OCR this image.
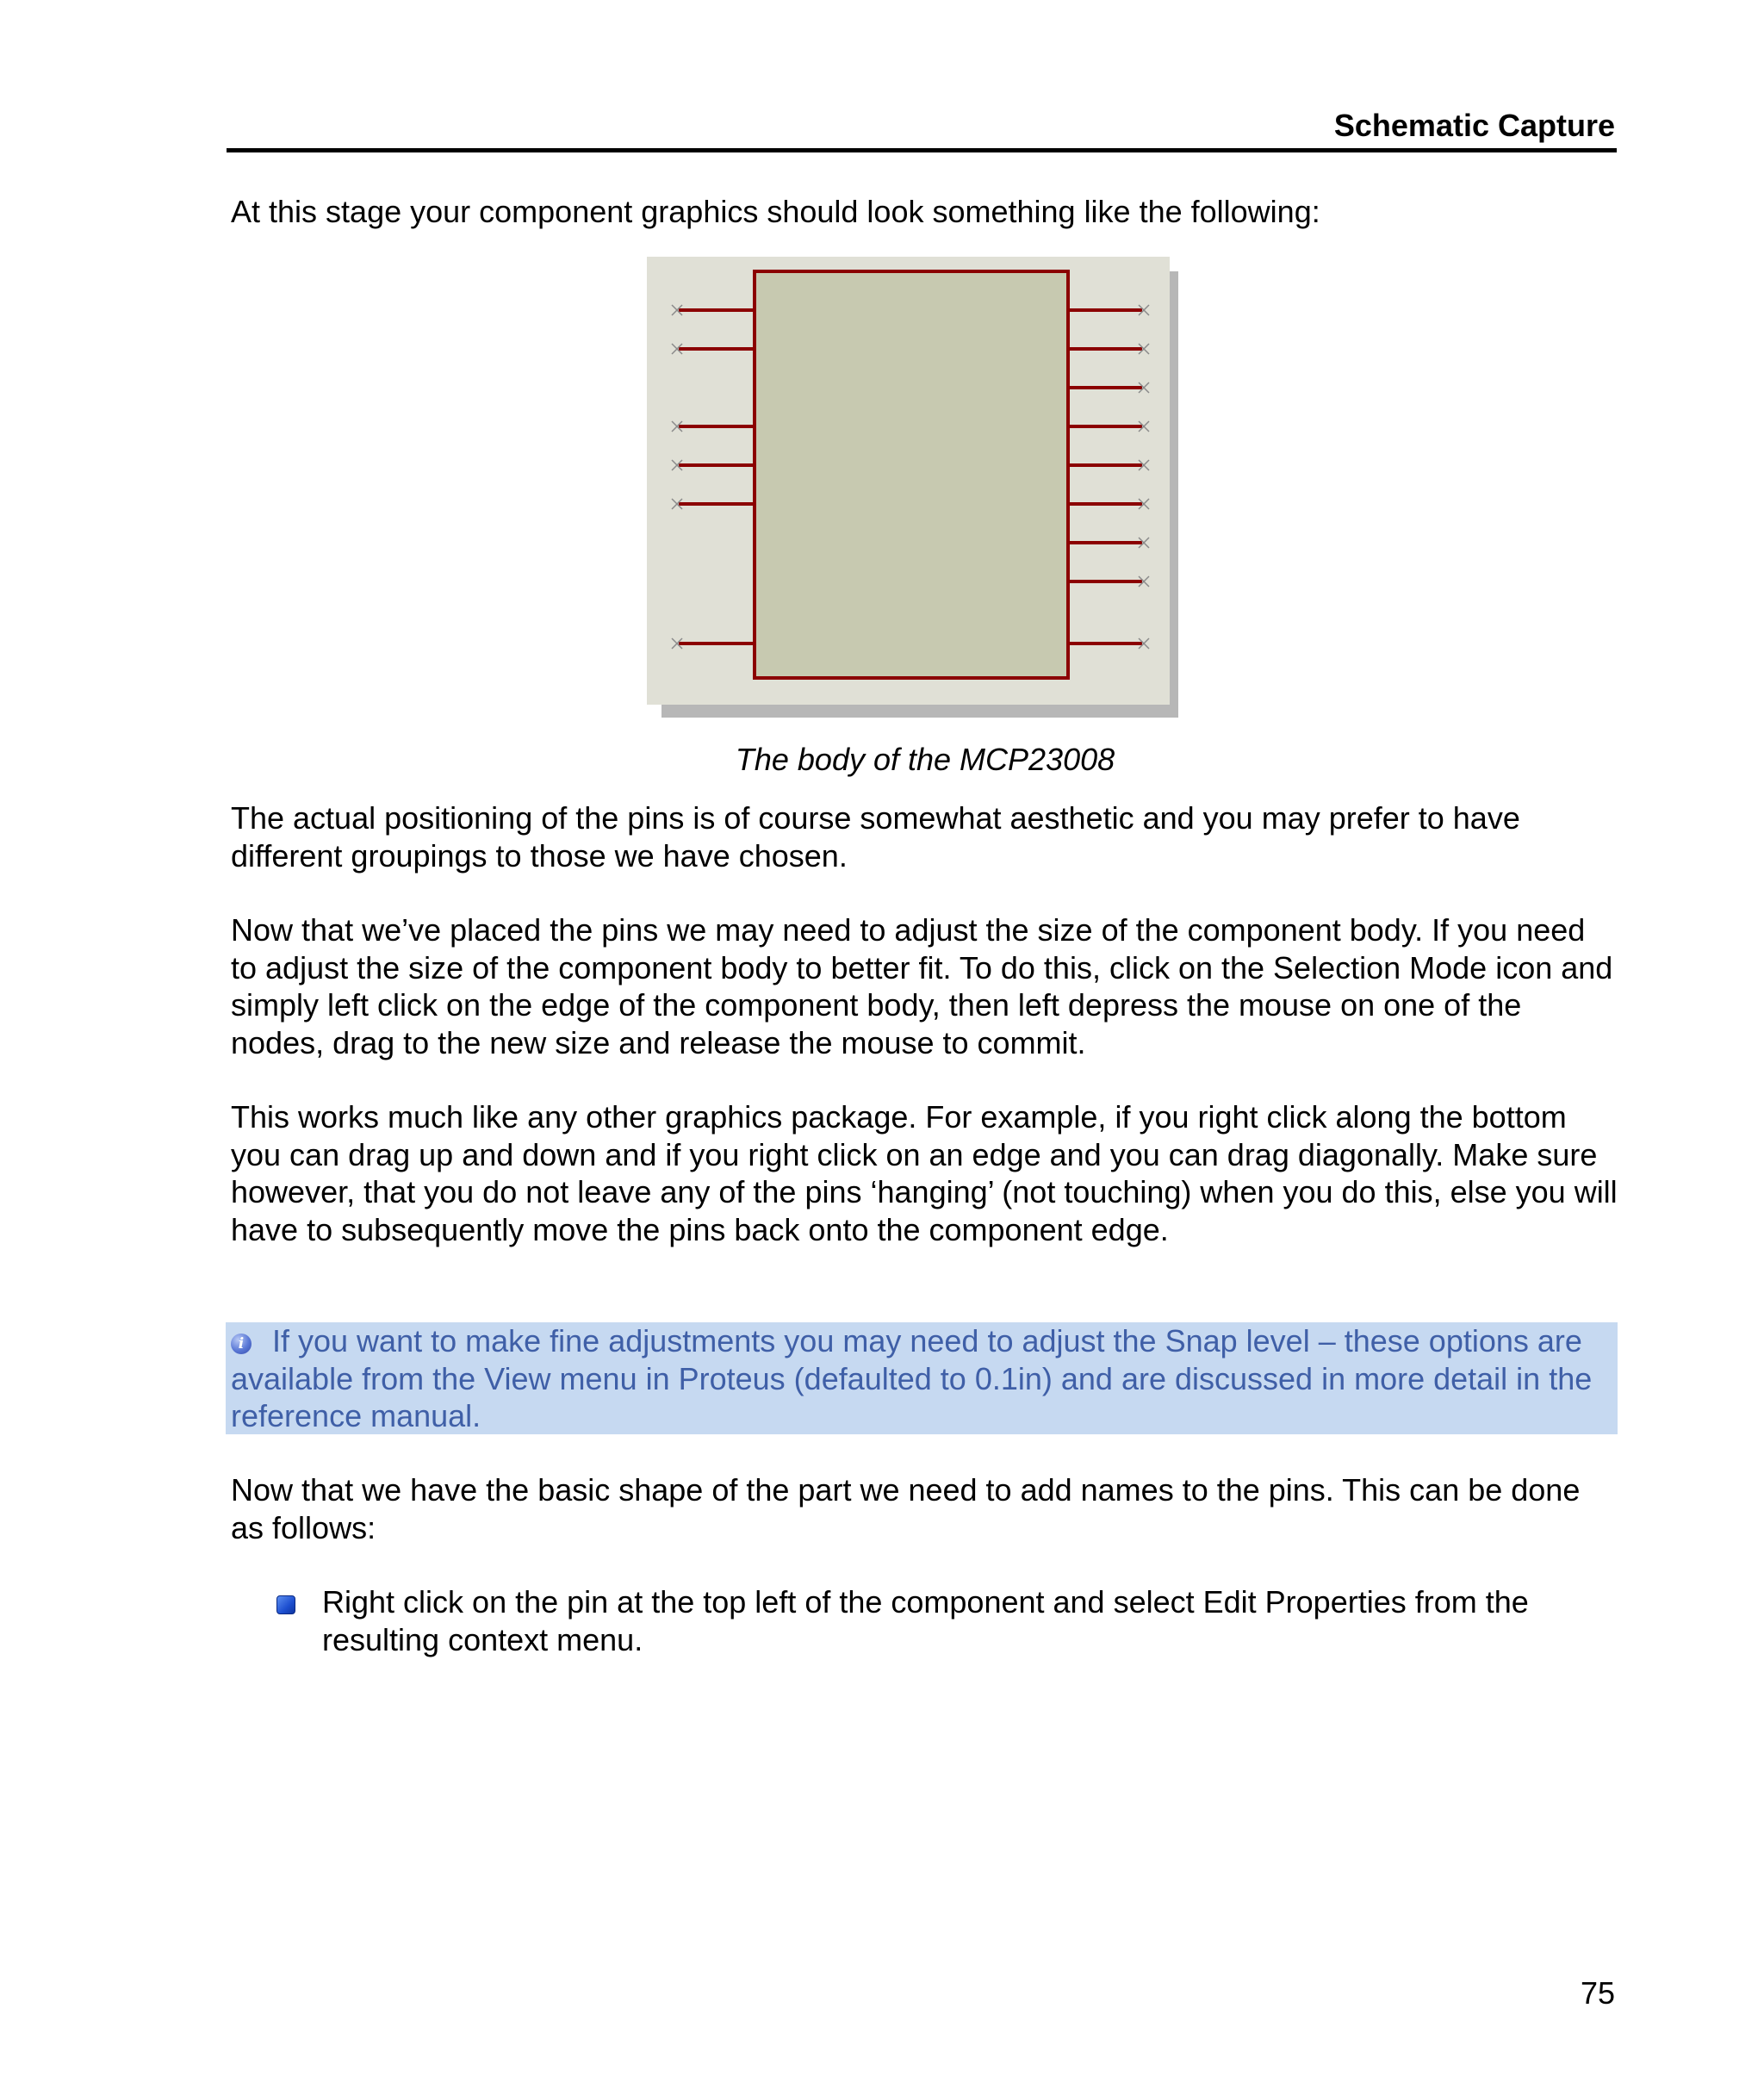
Schematic Capture

At this stage your component graphics should look something like the following:

The body of the MCP23008

The actual positioning of the pins is of course somewhat aesthetic and you may prefer to have different groupings to those we have chosen.

Now that we’ve placed the pins we may need to adjust the size of the component body. If you need to adjust the size of the component body to better fit. To do this, click on the Selection Mode icon and simply left click on the edge of the component body, then left depress the mouse on one of the nodes, drag to the new size and release the mouse to commit.

This works much like any other graphics package. For example, if you right click along the bottom you can drag up and down and if you right click on an edge and you can drag diagonally. Make sure however, that you do not leave any of the pins ‘hanging’ (not touching) when you do this, else you will have to subsequently move the pins back onto the component edge.

i If you want to make fine adjustments you may need to adjust the Snap level – these options are available from the View menu in Proteus (defaulted to 0.1in) and are discussed in more detail in the reference manual.

Now that we have the basic shape of the part we need to add names to the pins. This can be done as follows:

Right click on the pin at the top left of the component and select Edit Properties from the resulting context menu.

75
